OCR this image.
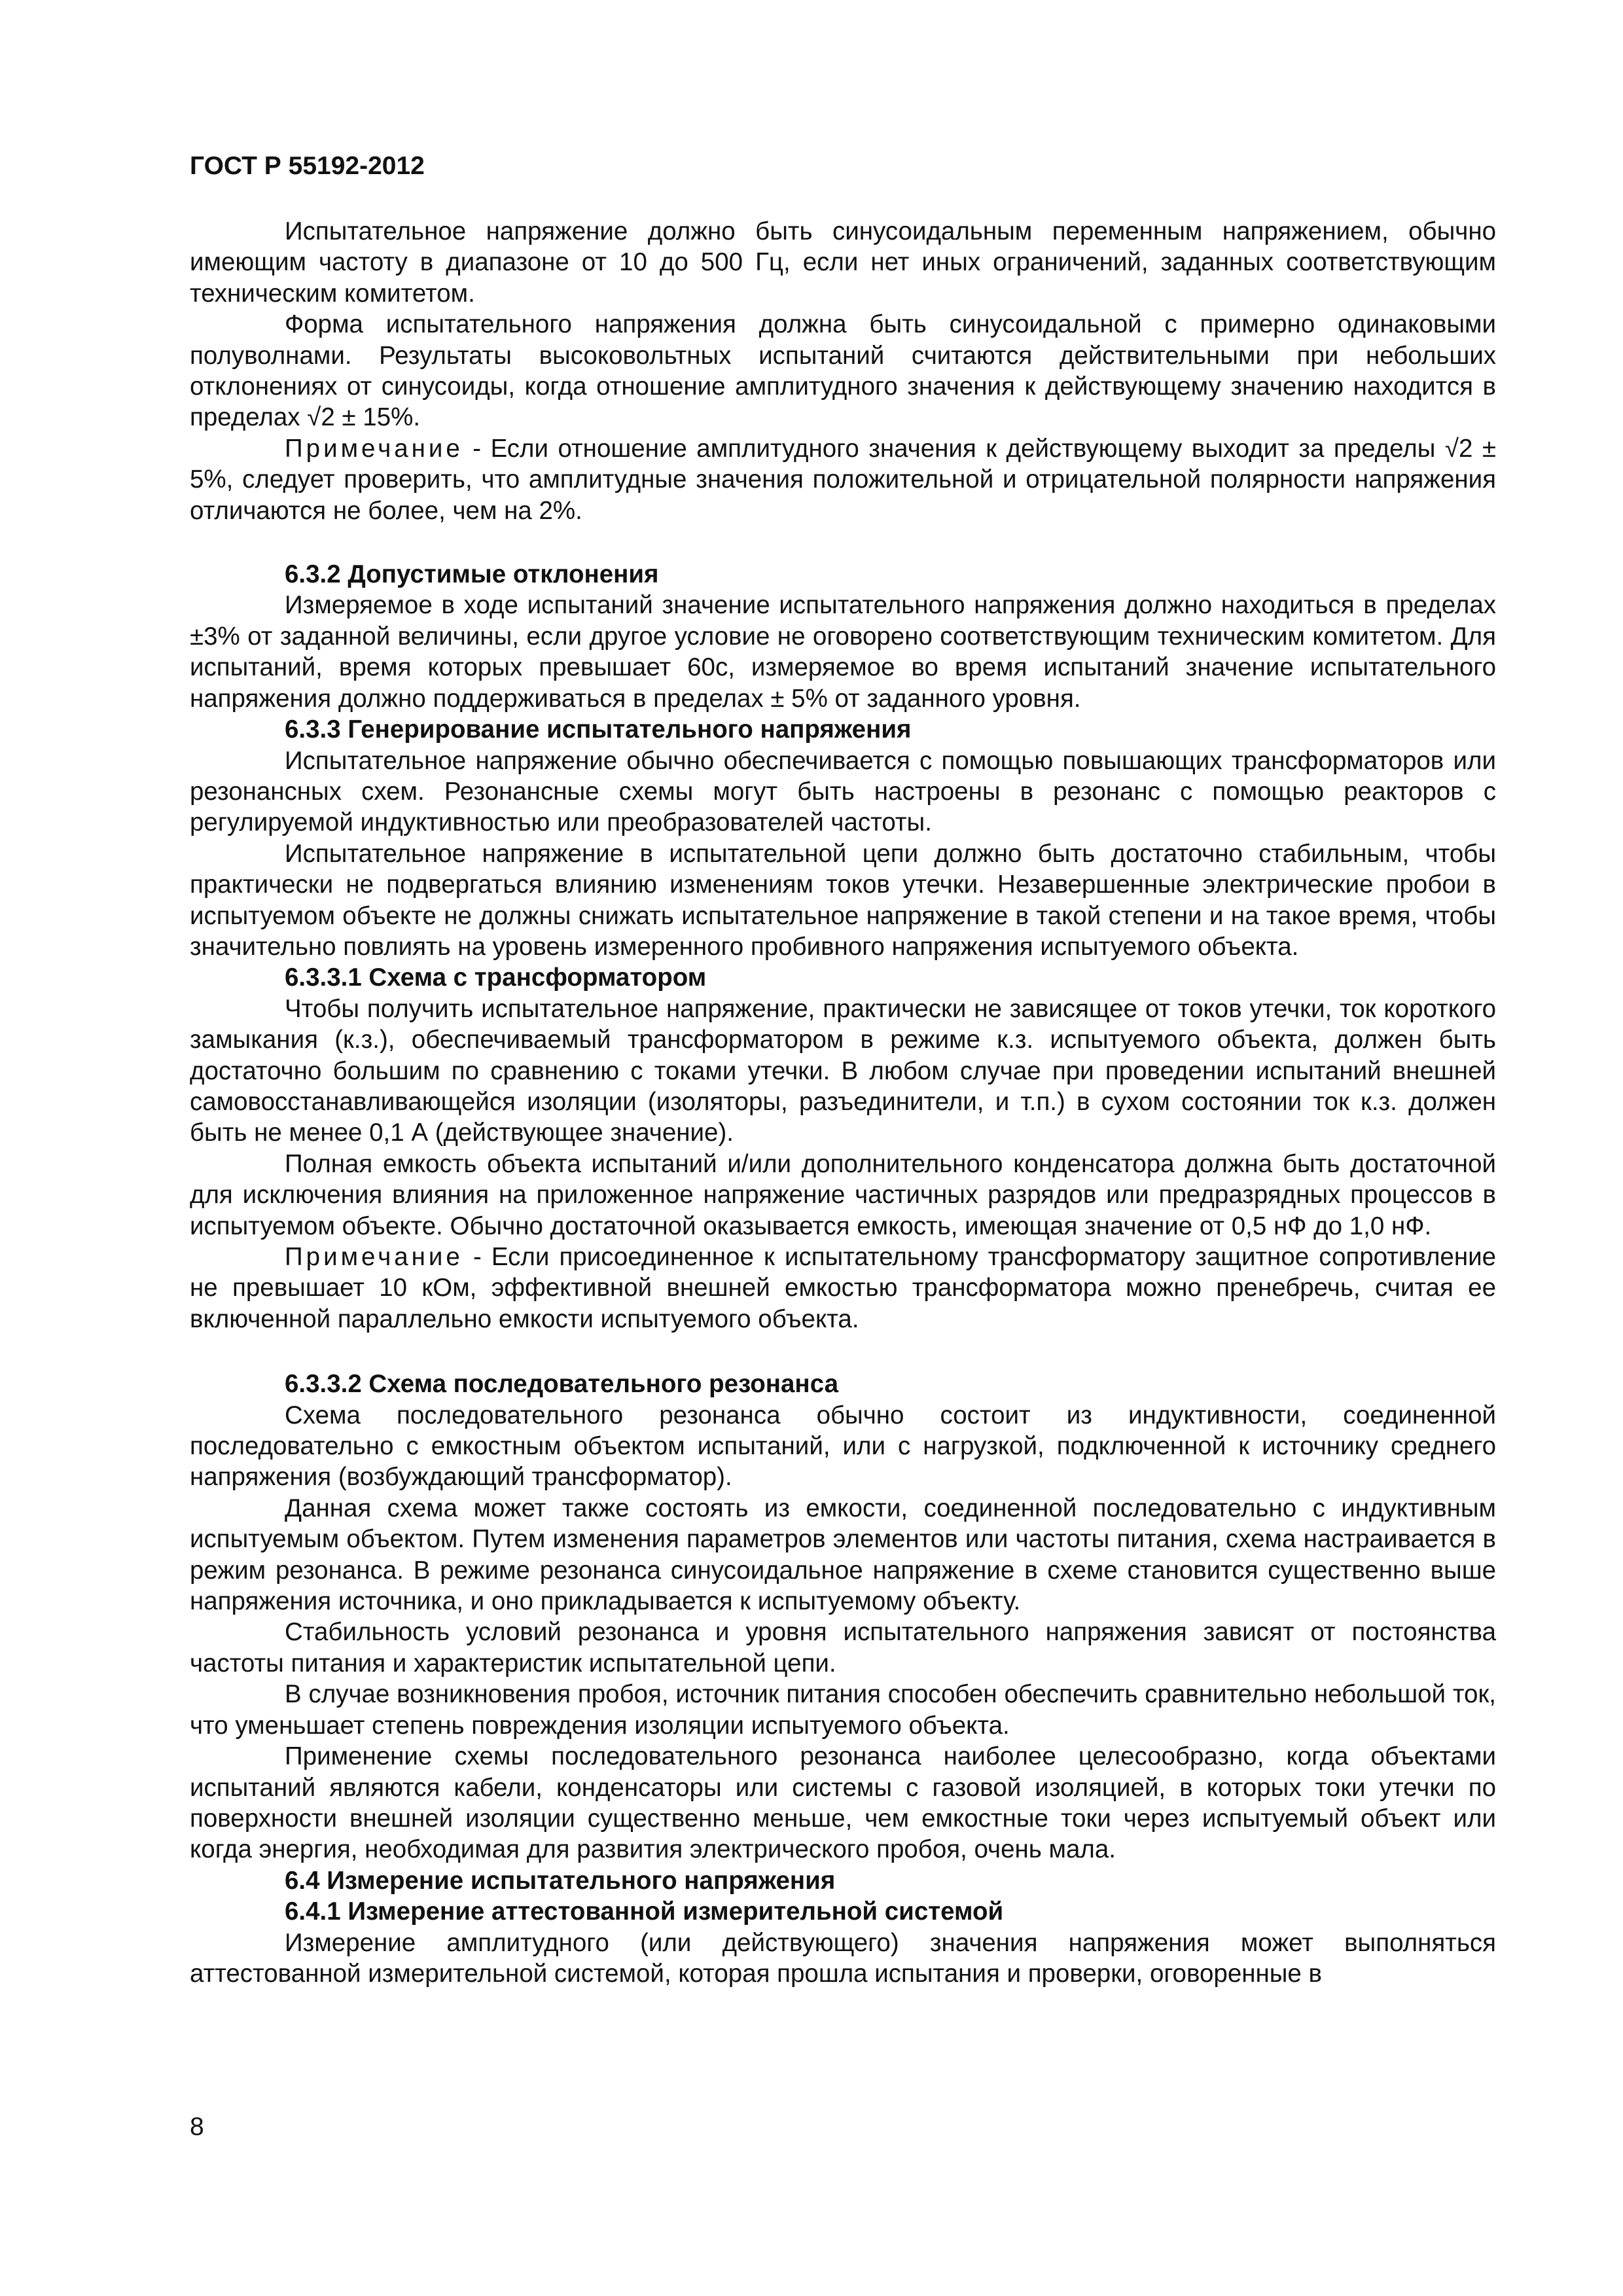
ГОСТ Р 55192-2012

Испытательное напряжение должно быть синусоидальным переменным напряжением, обычно имеющим частоту в диапазоне от 10 до 500 Гц, если нет иных ограничений, заданных соответствующим техническим комитетом.

Форма испытательного напряжения должна быть синусоидальной с примерно одинаковыми полуволнами. Результаты высоковольтных испытаний считаются действительными при небольших отклонениях от синусоиды, когда отношение амплитудного значения к действующему значению находится в пределах √2 ± 15%.

Примечание - Если отношение амплитудного значения к действующему выходит за пределы √2 ± 5%, следует проверить, что амплитудные значения положительной и отрицательной полярности напряжения отличаются не более, чем на 2%.

6.3.2 Допустимые отклонения

Измеряемое в ходе испытаний значение испытательного напряжения должно находиться в пределах ±3% от заданной величины, если другое условие не оговорено соответствующим техническим комитетом. Для испытаний, время которых превышает 60с, измеряемое во время испытаний значение испытательного напряжения должно поддерживаться в пределах ± 5% от заданного уровня.

6.3.3 Генерирование испытательного напряжения

Испытательное напряжение обычно обеспечивается с помощью повышающих трансформаторов или резонансных схем. Резонансные схемы могут быть настроены в резонанс с помощью реакторов с регулируемой индуктивностью или преобразователей частоты.

Испытательное напряжение в испытательной цепи должно быть достаточно стабильным, чтобы практически не подвергаться влиянию изменениям токов утечки. Незавершенные электрические пробои в испытуемом объекте не должны снижать испытательное напряжение в такой степени и на такое время, чтобы значительно повлиять на уровень измеренного пробивного напряжения испытуемого объекта.

6.3.3.1 Схема с трансформатором

Чтобы получить испытательное напряжение, практически не зависящее от токов утечки, ток короткого замыкания (к.з.), обеспечиваемый трансформатором в режиме к.з. испытуемого объекта, должен быть достаточно большим по сравнению с токами утечки. В любом случае при проведении испытаний внешней самовосстанавливающейся изоляции (изоляторы, разъединители, и т.п.) в сухом состоянии ток к.з. должен быть не менее 0,1 А (действующее значение).

Полная емкость объекта испытаний и/или дополнительного конденсатора должна быть достаточной для исключения влияния на приложенное напряжение частичных разрядов или предразрядных процессов в испытуемом объекте. Обычно достаточной оказывается емкость, имеющая значение от 0,5 нФ до 1,0 нФ.

Примечание - Если присоединенное к испытательному трансформатору защитное сопротивление не превышает 10 кОм, эффективной внешней емкостью трансформатора можно пренебречь, считая ее включенной параллельно емкости испытуемого объекта.

6.3.3.2 Схема последовательного резонанса

Схема последовательного резонанса обычно состоит из индуктивности, соединенной последовательно с емкостным объектом испытаний, или с нагрузкой, подключенной к источнику среднего напряжения (возбуждающий трансформатор).

Данная схема может также состоять из емкости, соединенной последовательно с индуктивным испытуемым объектом. Путем изменения параметров элементов или частоты питания, схема настраивается в режим резонанса. В режиме резонанса синусоидальное напряжение в схеме становится существенно выше напряжения источника, и оно прикладывается к испытуемому объекту.

Стабильность условий резонанса и уровня испытательного напряжения зависят от постоянства частоты питания и характеристик испытательной цепи.

В случае возникновения пробоя, источник питания способен обеспечить сравнительно небольшой ток, что уменьшает степень повреждения изоляции испытуемого объекта.

Применение схемы последовательного резонанса наиболее целесообразно, когда объектами испытаний являются кабели, конденсаторы или системы с газовой изоляцией, в которых токи утечки по поверхности внешней изоляции существенно меньше, чем емкостные токи через испытуемый объект или когда энергия, необходимая для развития электрического пробоя, очень мала.

6.4 Измерение испытательного напряжения
6.4.1 Измерение аттестованной измерительной системой

Измерение амплитудного (или действующего) значения напряжения может выполняться аттестованной измерительной системой, которая прошла испытания и проверки, оговоренные в

8
